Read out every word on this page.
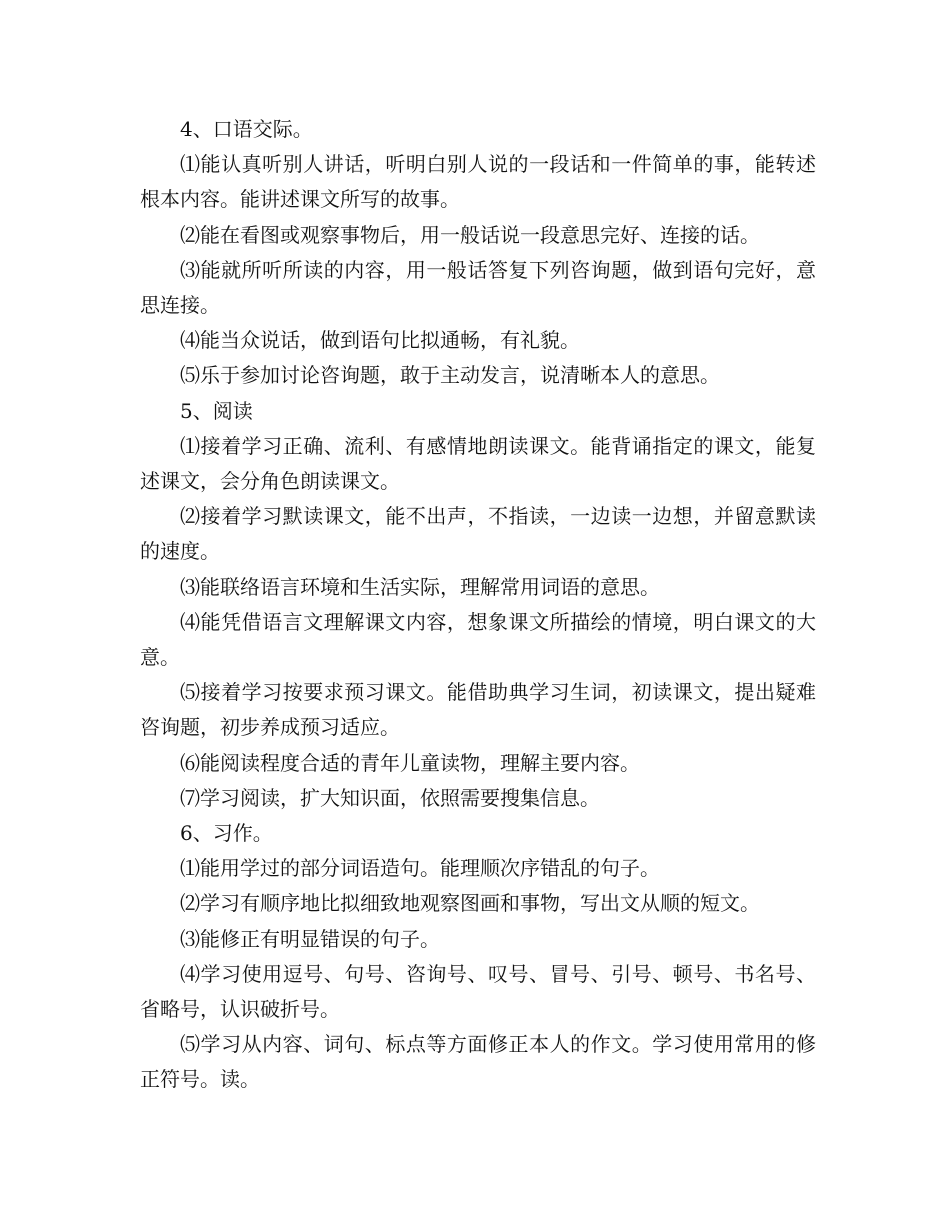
4、口语交际。

⑴能认真听别人讲话，听明白别人说的一段话和一件简单的事，能转述根本内容。能讲述课文所写的故事。

⑵能在看图或观察事物后，用一般话说一段意思完好、连接的话。

⑶能就所听所读的内容，用一般话答复下列咨询题，做到语句完好，意思连接。

⑷能当众说话，做到语句比拟通畅，有礼貌。

⑸乐于参加讨论咨询题，敢于主动发言，说清晰本人的意思。

5、阅读

⑴接着学习正确、流利、有感情地朗读课文。能背诵指定的课文，能复述课文，会分角色朗读课文。

⑵接着学习默读课文，能不出声，不指读，一边读一边想，并留意默读的速度。

⑶能联络语言环境和生活实际，理解常用词语的意思。

⑷能凭借语言文理解课文内容，想象课文所描绘的情境，明白课文的大意。

⑸接着学习按要求预习课文。能借助典学习生词，初读课文，提出疑难咨询题，初步养成预习适应。

⑹能阅读程度合适的青年儿童读物，理解主要内容。

⑺学习阅读，扩大知识面，依照需要搜集信息。

6、习作。

⑴能用学过的部分词语造句。能理顺次序错乱的句子。

⑵学习有顺序地比拟细致地观察图画和事物，写出文从顺的短文。

⑶能修正有明显错误的句子。

⑷学习使用逗号、句号、咨询号、叹号、冒号、引号、顿号、书名号、省略号，认识破折号。

⑸学习从内容、词句、标点等方面修正本人的作文。学习使用常用的修正符号。读。
